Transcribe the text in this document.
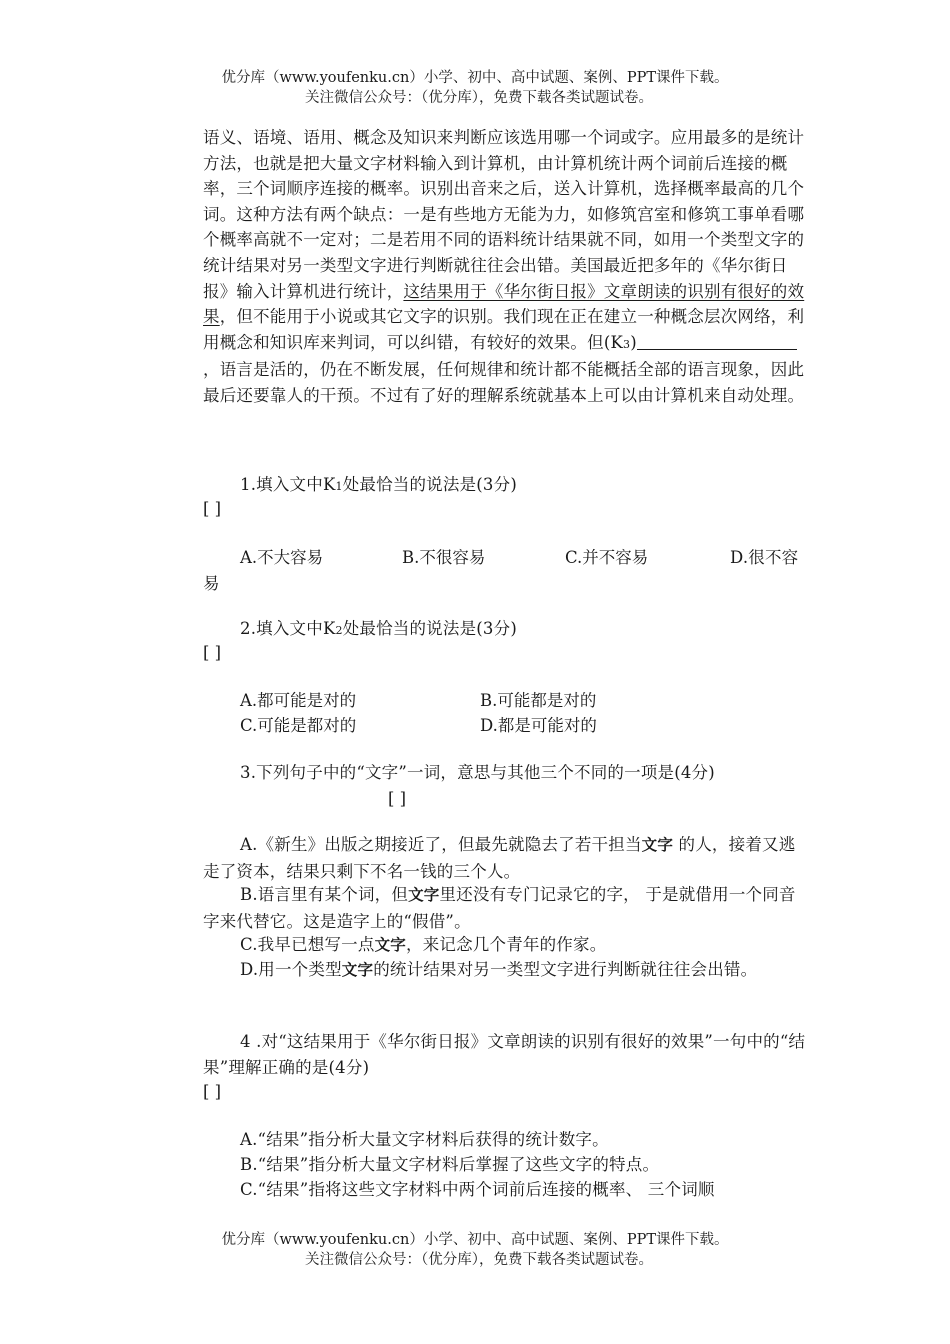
优分库（www.youfenku.cn）小学、初中、高中试题、案例、PPT课件下载。
关注微信公众号：（优分库），免费下载各类试题试卷。

语义、语境、语用、概念及知识来判断应该选用哪一个词或字。应用最多的是统计方法，也就是把大量文字材料输入到计算机，由计算机统计两个词前后连接的概率，三个词顺序连接的概率。识别出音来之后，送入计算机，选择概率最高的几个词。这种方法有两个缺点：一是有些地方无能为力，如修筑宫室和修筑工事单看哪个概率高就不一定对；二是若用不同的语料统计结果就不同，如用一个类型文字的统计结果对另一类型文字进行判断就往往会出错。美国最近把多年的《华尔街日报》输入计算机进行统计，这结果用于《华尔街日报》文章朗读的识别有很好的效果，但不能用于小说或其它文字的识别。我们现在正在建立一种概念层次网络，利用概念和知识库来判词，可以纠错，有较好的效果。但(K3)，语言是活的，仍在不断发展，任何规律和统计都不能概括全部的语言现象，因此最后还要靠人的干预。不过有了好的理解系统就基本上可以由计算机来自动处理。

1.填入文中K1处最恰当的说法是(3分)

[ ]
A.不大容易	B.不很容易	C.并不容易	D.很不容易

2.填入文中K2处最恰当的说法是(3分)

[ ]
A.都可能是对的	B.可能都是对的
C.可能是都对的	D.都是可能对的

3.下列句子中的“文字”一词，意思与其他三个不同的一项是(4分)

[ ]

A.《新生》出版之期接近了，但最先就隐去了若干担当文字 的人，接着又逃走了资本，结果只剩下不名一钱的三个人。

B.语言里有某个词，但文字里还没有专门记录它的字， 于是就借用一个同音字来代替它。这是造字上的“假借”。

C.我早已想写一点文字，来记念几个青年的作家。

D.用一个类型文字的统计结果对另一类型文字进行判断就往往会出错。

4 .对“这结果用于《华尔街日报》文章朗读的识别有很好的效果”一句中的“结果”理解正确的是(4分)

[ ]

A.“结果”指分析大量文字材料后获得的统计数字。

B.“结果”指分析大量文字材料后掌握了这些文字的特点。

C.“结果”指将这些文字材料中两个词前后连接的概率、 三个词顺

优分库（www.youfenku.cn）小学、初中、高中试题、案例、PPT课件下载。
关注微信公众号：（优分库），免费下载各类试题试卷。
